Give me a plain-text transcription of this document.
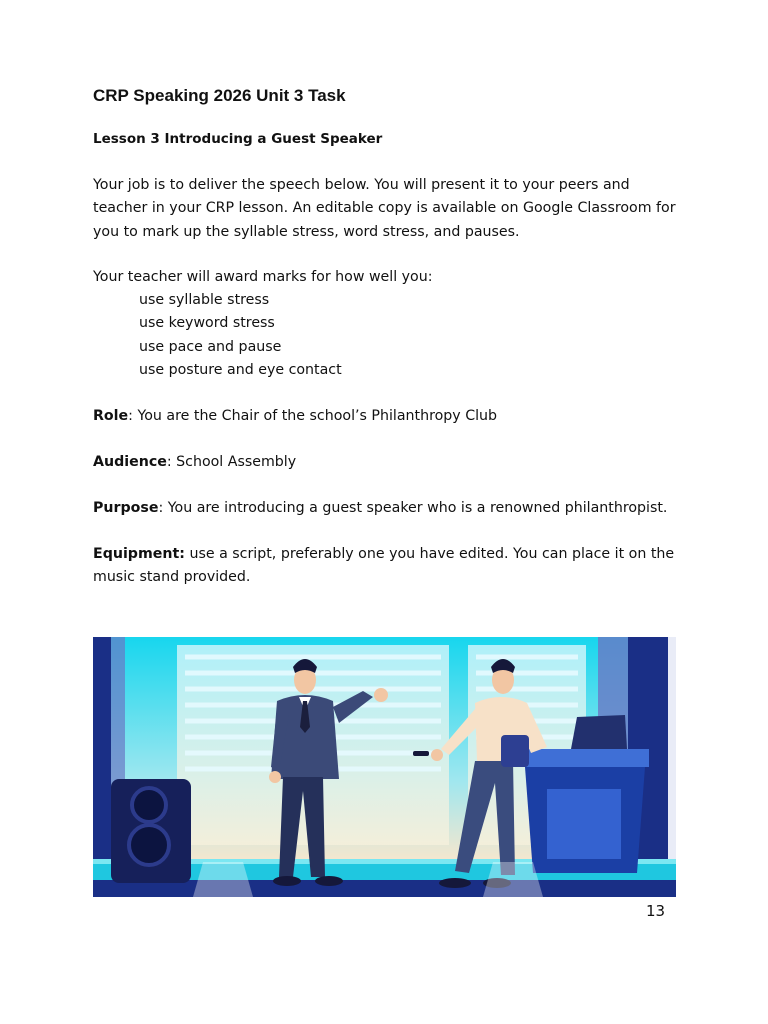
CRP Speaking 2026 Unit 3 Task
Lesson 3 Introducing a Guest Speaker

Your job is to deliver the speech below. You will present it to your peers and
teacher in your CRP lesson. An editable copy is available on Google Classroom for
you to mark up the syllable stress, word stress, and pauses.

Your teacher will award marks for how well you:

use syllable stress
use keyword stress
use pace and pause
use posture and eye contact

Role: You are the Chair of the school’s Philanthropy Club

Audience: School Assembly

Purpose: You are introducing a guest speaker who is a renowned philanthropist.

Equipment: use a script, preferably one you have edited. You can place it on the
music stand provided.

13
